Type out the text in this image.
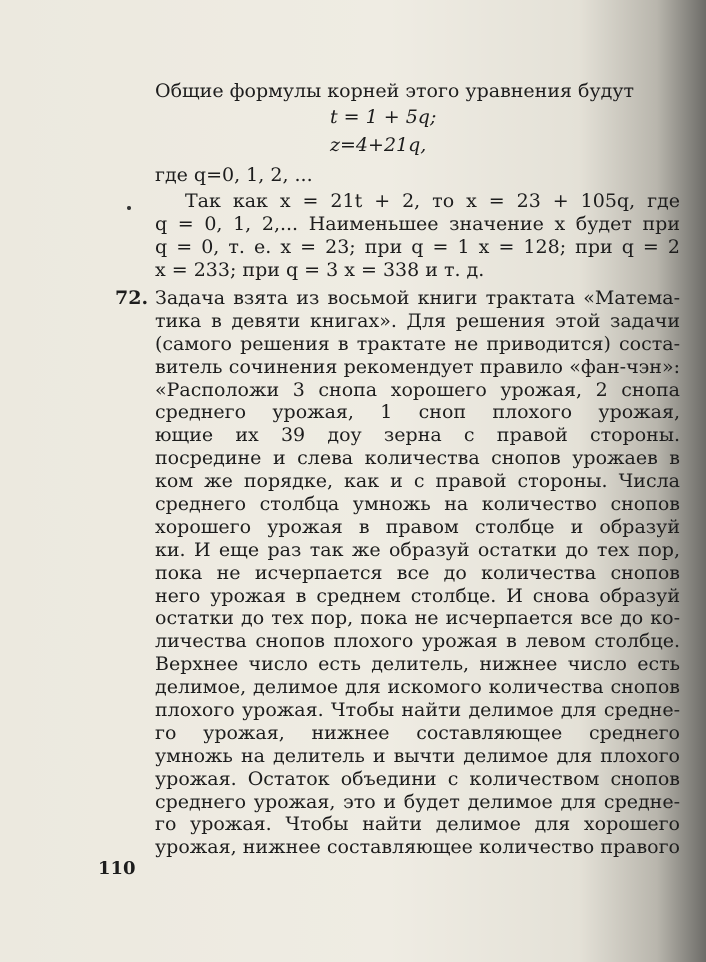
Общие формулы корней этого уравнения будут
t = 1 + 5q;
z=4+21q,
где q=0, 1, 2, ...
Так как x = 21t + 2, то x = 23 + 105q, где
q = 0, 1, 2,... Наименьшее значение x будет при
q = 0, т. е. x = 23; при q = 1 x = 128; при q = 2
x = 233; при q = 3 x = 338 и т. д.
72. Задача взята из восьмой книги трактата «Матема-
тика в девяти книгах». Для решения этой задачи
(самого решения в трактате не приводится) соста-
витель сочинения рекомендует правило «фан-чэн»:
«Расположи 3 снопа хорошего урожая, 2 снопа
среднего урожая, 1 сноп плохого урожая,
ющие их 39 доу зерна с правой стороны.
посредине и слева количества снопов урожаев в
ком же порядке, как и с правой стороны. Числа
среднего столбца умножь на количество снопов
хорошего урожая в правом столбце и образуй
ки. И еще раз так же образуй остатки до тех пор,
пока не исчерпается все до количества снопов
него урожая в среднем столбце. И снова образуй
остатки до тех пор, пока не исчерпается все до ко-
личества снопов плохого урожая в левом столбце.
Верхнее число есть делитель, нижнее число есть
делимое, делимое для искомого количества снопов
плохого урожая. Чтобы найти делимое для средне-
го урожая, нижнее составляющее среднего
умножь на делитель и вычти делимое для плохого
урожая. Остаток объедини с количеством снопов
среднего урожая, это и будет делимое для средне-
го урожая. Чтобы найти делимое для хорошего
урожая, нижнее составляющее количество правого
110
